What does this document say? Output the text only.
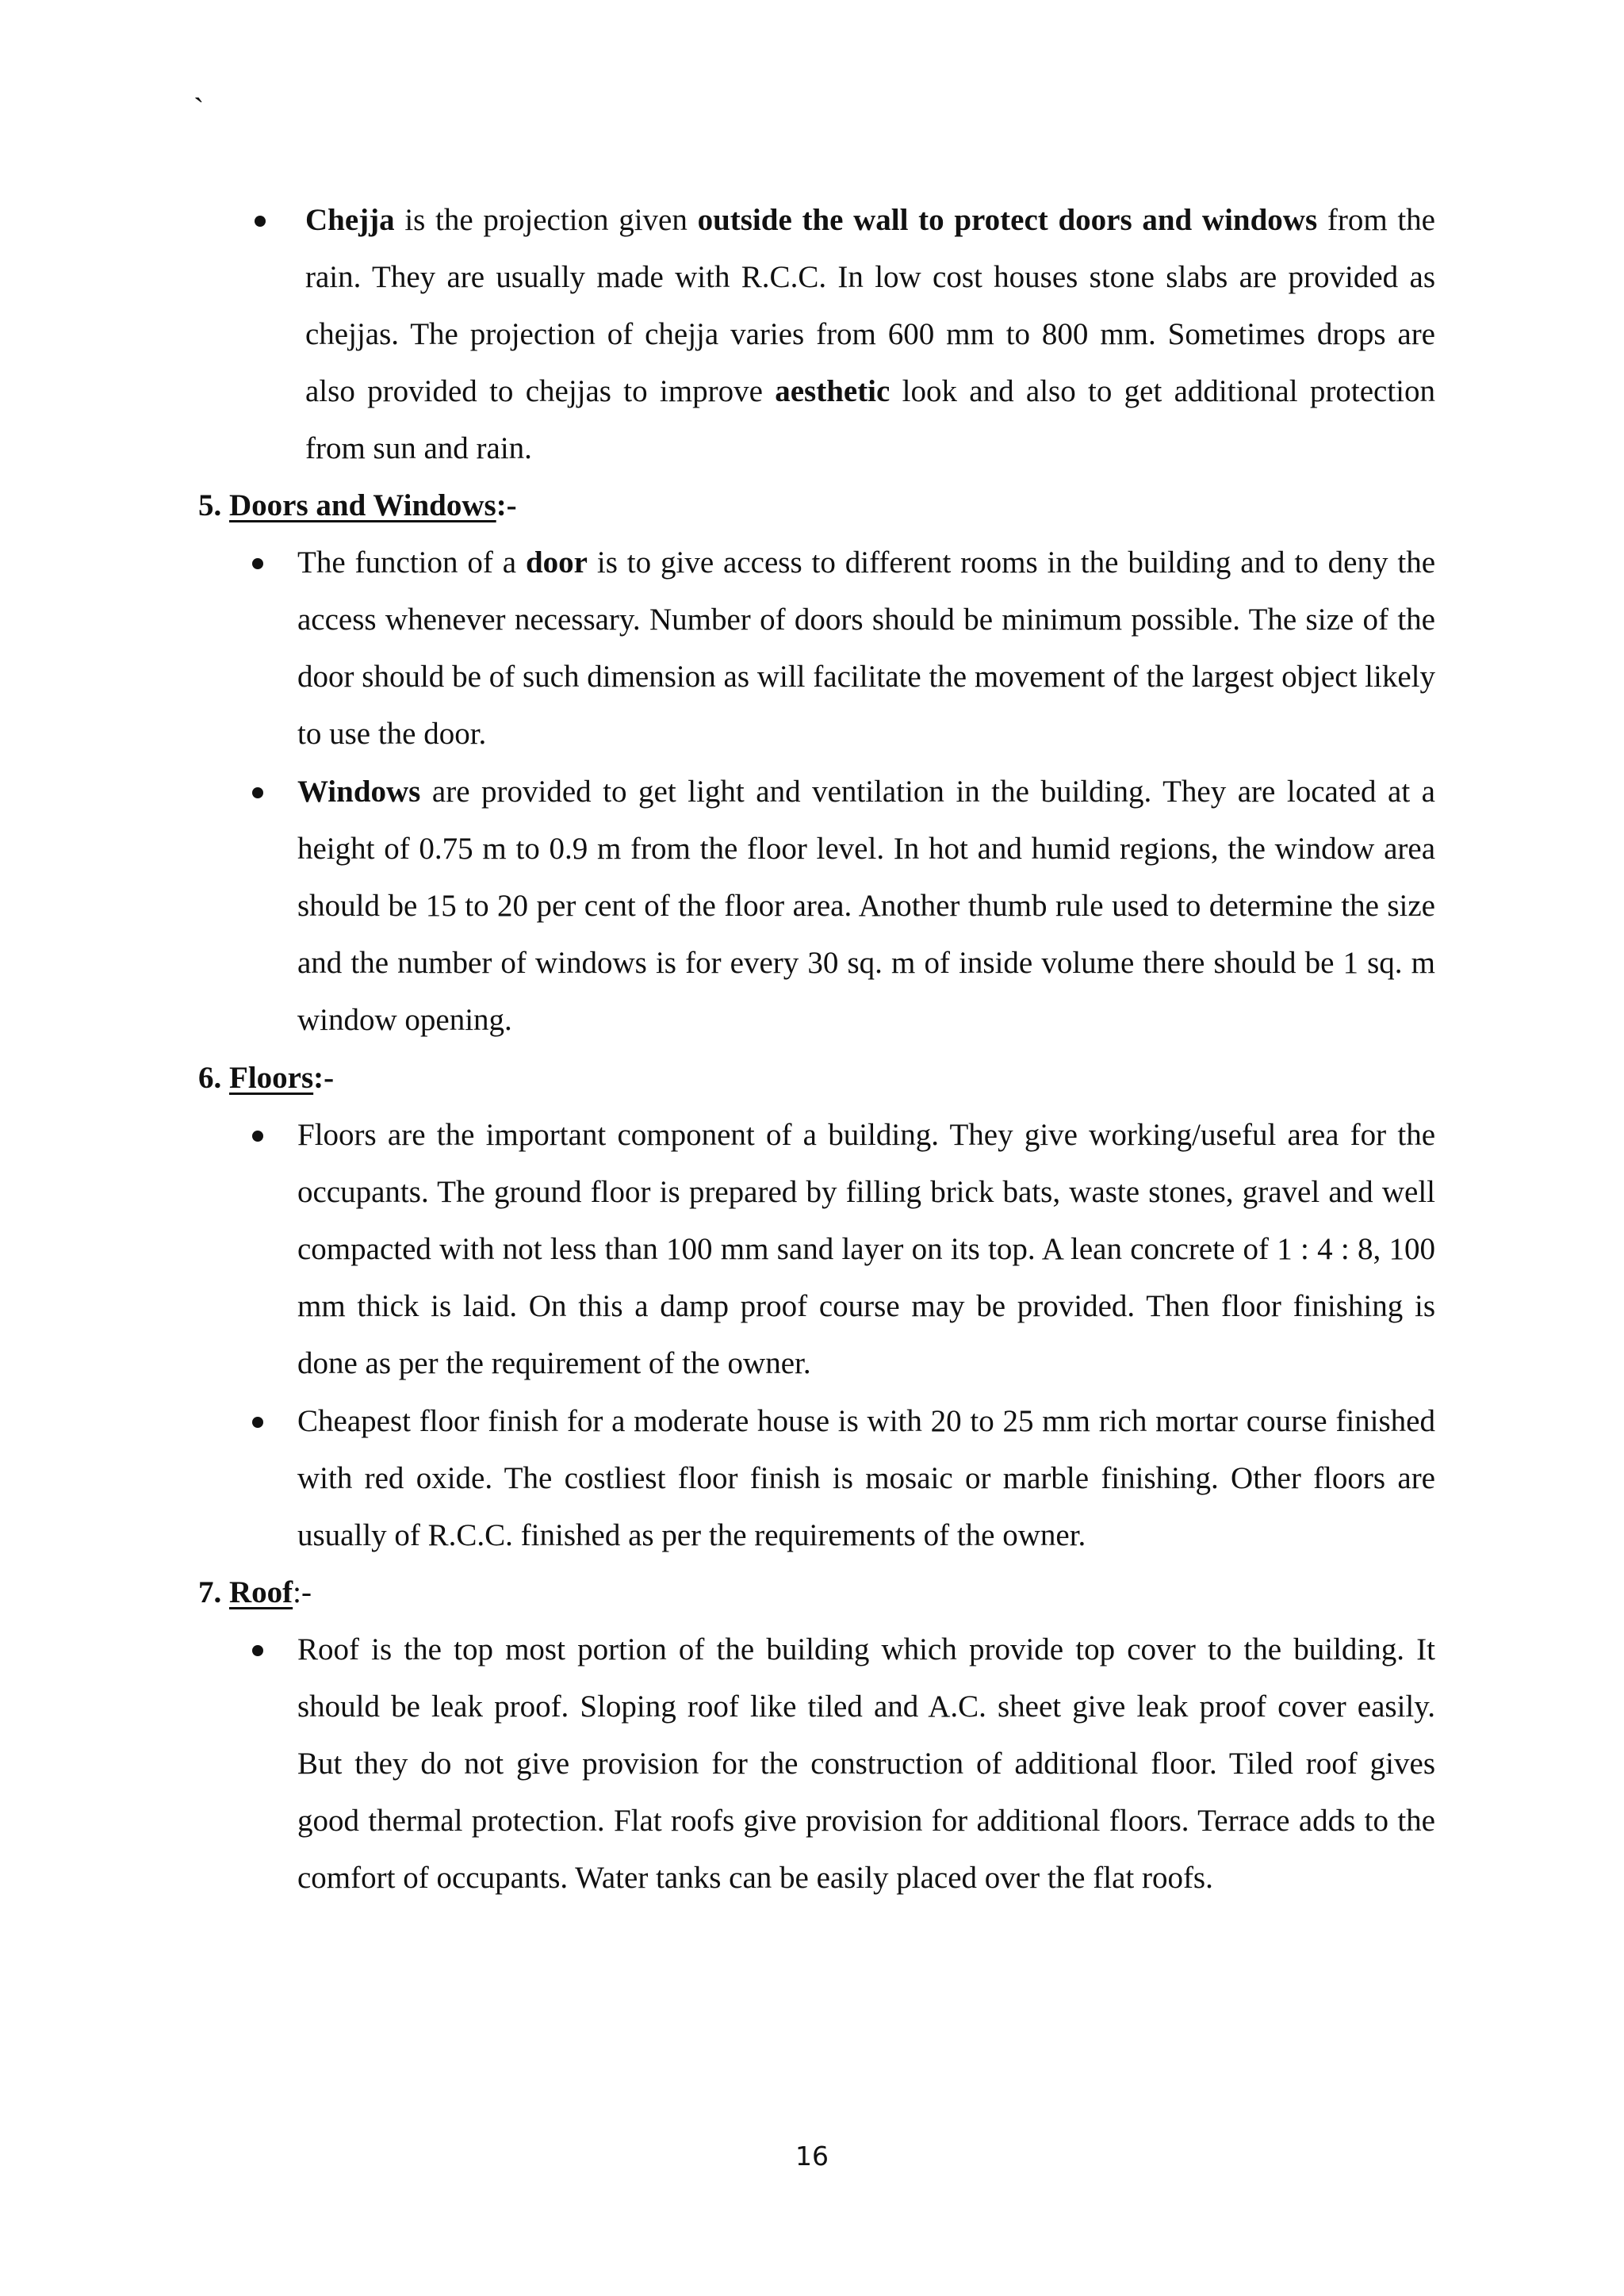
`

Chejja is the projection given outside the wall to protect doors and windows from the rain. They are usually made with R.C.C. In low cost houses stone slabs are provided as chejjas. The projection of chejja varies from 600 mm to 800 mm. Sometimes drops are also provided to chejjas to improve aesthetic look and also to get additional protection from sun and rain.

5. Doors and Windows:-

The function of a door is to give access to different rooms in the building and to deny the access whenever necessary. Number of doors should be minimum possible. The size of the door should be of such dimension as will facilitate the movement of the largest object likely to use the door.

Windows are provided to get light and ventilation in the building. They are located at a height of 0.75 m to 0.9 m from the floor level. In hot and humid regions, the window area should be 15 to 20 per cent of the floor area. Another thumb rule used to determine the size and the number of windows is for every 30 sq. m of inside volume there should be 1 sq. m window opening.

6. Floors:-

Floors are the important component of a building. They give working/useful area for the occupants. The ground floor is prepared by filling brick bats, waste stones, gravel and well compacted with not less than 100 mm sand layer on its top. A lean concrete of 1 : 4 : 8, 100 mm thick is laid. On this a damp proof course may be provided. Then floor finishing is done as per the requirement of the owner.

Cheapest floor finish for a moderate house is with 20 to 25 mm rich mortar course finished with red oxide. The costliest floor finish is mosaic or marble finishing. Other floors are usually of R.C.C. finished as per the requirements of the owner.

7. Roof:-

Roof is the top most portion of the building which provide top cover to the building. It should be leak proof. Sloping roof like tiled and A.C. sheet give leak proof cover easily. But they do not give provision for the construction of additional floor. Tiled roof gives good thermal protection. Flat roofs give provision for additional floors. Terrace adds to the comfort of occupants. Water tanks can be easily placed over the flat roofs.

16
